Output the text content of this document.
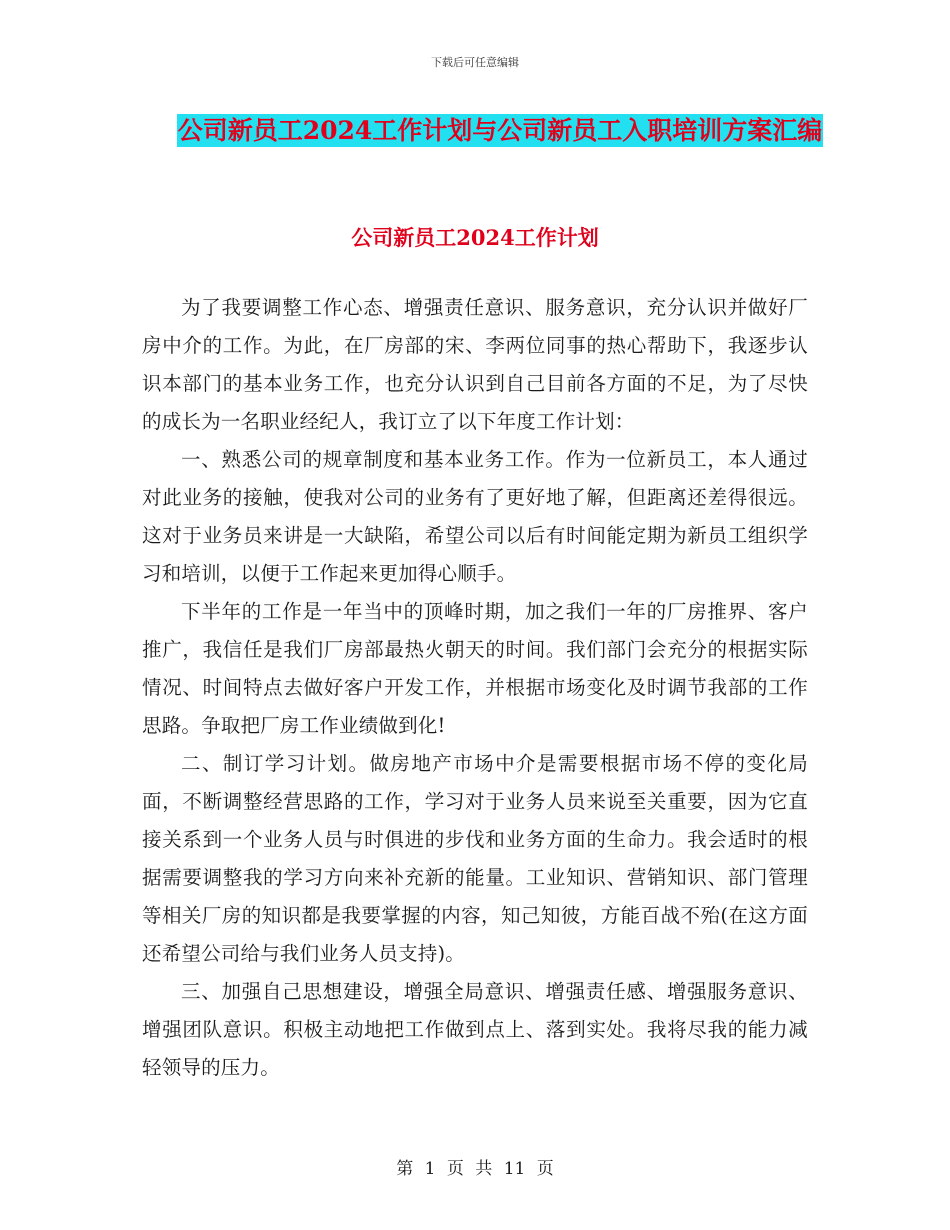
下载后可任意编辑
公司新员工2024工作计划与公司新员工入职培训方案汇编
公司新员工2024工作计划

为了我要调整工作心态、增强责任意识、服务意识，充分认识并做好厂房中介的工作。为此，在厂房部的宋、李两位同事的热心帮助下，我逐步认识本部门的基本业务工作，也充分认识到自己目前各方面的不足，为了尽快的成长为一名职业经纪人，我订立了以下年度工作计划：

一、熟悉公司的规章制度和基本业务工作。作为一位新员工，本人通过对此业务的接触，使我对公司的业务有了更好地了解，但距离还差得很远。这对于业务员来讲是一大缺陷，希望公司以后有时间能定期为新员工组织学习和培训，以便于工作起来更加得心顺手。

下半年的工作是一年当中的顶峰时期，加之我们一年的厂房推界、客户推广，我信任是我们厂房部最热火朝天的时间。我们部门会充分的根据实际情况、时间特点去做好客户开发工作，并根据市场变化及时调节我部的工作思路。争取把厂房工作业绩做到化!

二、制订学习计划。做房地产市场中介是需要根据市场不停的变化局面，不断调整经营思路的工作，学习对于业务人员来说至关重要，因为它直接关系到一个业务人员与时俱进的步伐和业务方面的生命力。我会适时的根据需要调整我的学习方向来补充新的能量。工业知识、营销知识、部门管理等相关厂房的知识都是我要掌握的内容，知己知彼，方能百战不殆(在这方面还希望公司给与我们业务人员支持)。

三、加强自己思想建设，增强全局意识、增强责任感、增强服务意识、增强团队意识。积极主动地把工作做到点上、落到实处。我将尽我的能力减轻领导的压力。

第 1 页 共 11 页
